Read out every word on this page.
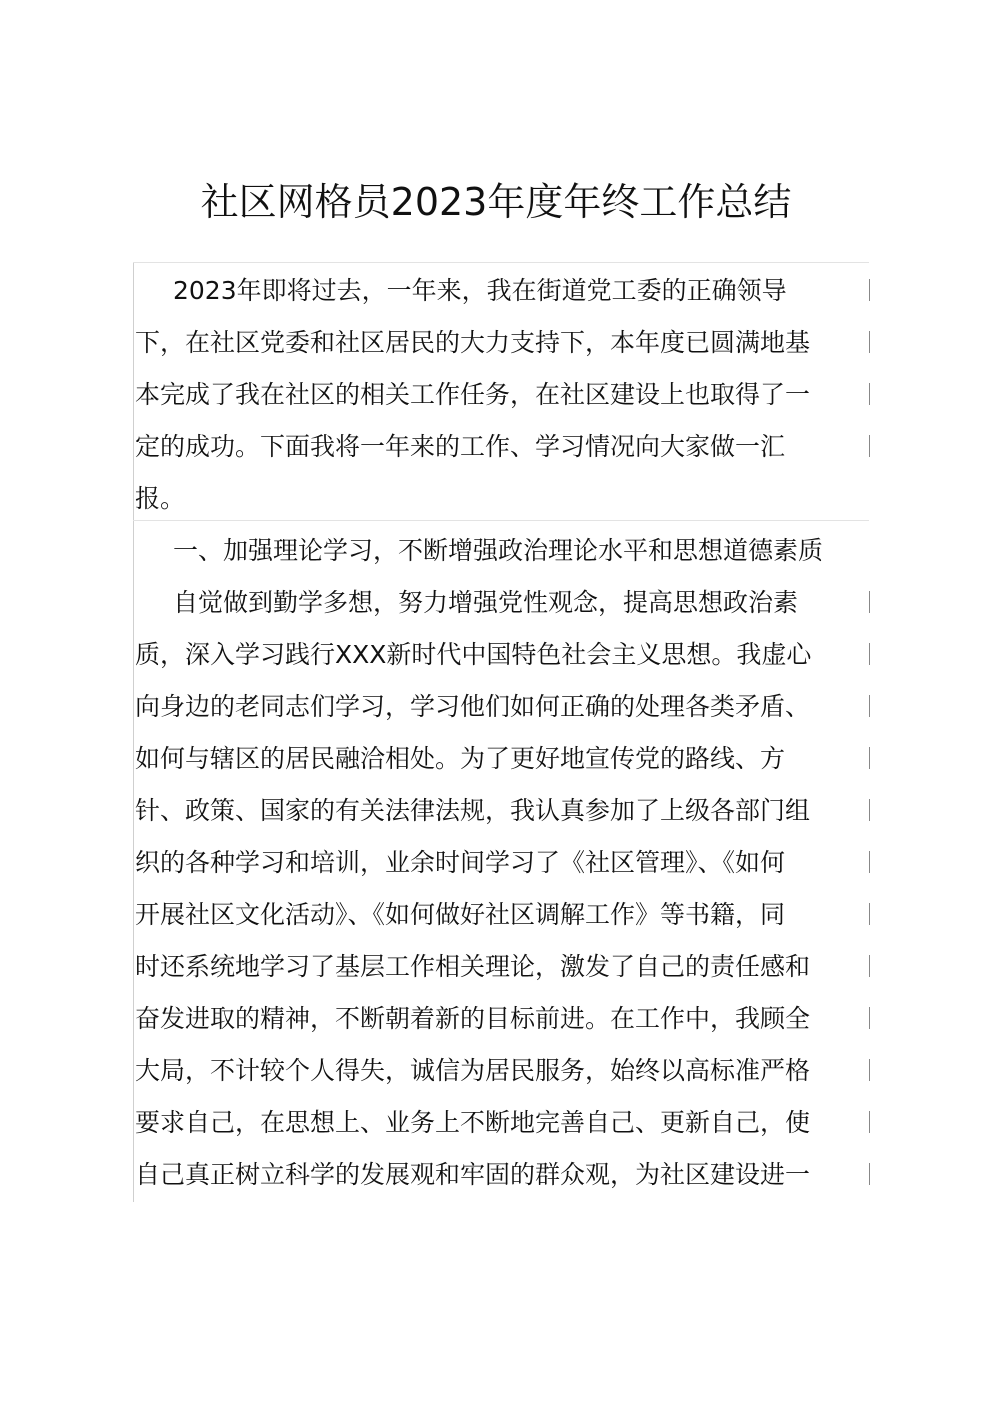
社区网格员2023年度年终工作总结
2023年即将过去，一年来，我在街道党工委的正确领导
下，在社区党委和社区居民的大力支持下，本年度已圆满地基
本完成了我在社区的相关工作任务，在社区建设上也取得了一
定的成功。下面我将一年来的工作、学习情况向大家做一汇
报。
一、加强理论学习，不断增强政治理论水平和思想道德素质
自觉做到勤学多想，努力增强党性观念，提高思想政治素
质，深入学习践行XXX新时代中国特色社会主义思想。我虚心
向身边的老同志们学习，学习他们如何正确的处理各类矛盾、
如何与辖区的居民融洽相处。为了更好地宣传党的路线、方
针、政策、国家的有关法律法规，我认真参加了上级各部门组
织的各种学习和培训，业余时间学习了《社区管理》、《如何
开展社区文化活动》、《如何做好社区调解工作》等书籍，同
时还系统地学习了基层工作相关理论，激发了自己的责任感和
奋发进取的精神，不断朝着新的目标前进。在工作中，我顾全
大局，不计较个人得失，诚信为居民服务，始终以高标准严格
要求自己，在思想上、业务上不断地完善自己、更新自己，使
自己真正树立科学的发展观和牢固的群众观，为社区建设进一
